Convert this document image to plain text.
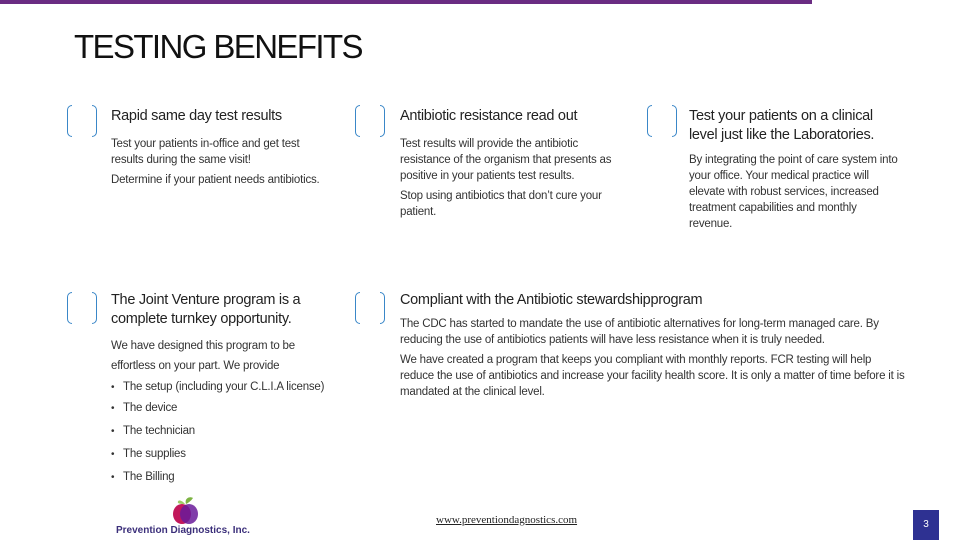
TESTING BENEFITS
Rapid same day test results

Test your patients in-office and get test results during the same visit!

Determine if your patient needs antibiotics.

Antibiotic resistance read out

Test results will provide the antibiotic resistance of the organism that presents as positive in your patients test results.

Stop using antibiotics that don’t cure your patient.

Test your patients on a clinical level just like the Laboratories.

By integrating the point of care system into your office. Your medical practice will elevate with robust services, increased treatment capabilities and monthly revenue.

The Joint Venture program is a complete turnkey opportunity.

We have designed this program to be effortless on your part. We provide

• The setup (including your C.L.I.A license)
• The device
• The technician
• The supplies
• The Billing
Compliant with the Antibiotic stewardshipprogram

The CDC has started to mandate the use of antibiotic alternatives for long-term managed care. By reducing the use of antibiotics patients will have less resistance when it is truly needed.

We have created a program that keeps you compliant with monthly reports. FCR testing will help reduce the use of antibiotics and increase your facility health score. It is only a matter of time before it is mandated at the clinical level.

Prevention Diagnostics, Inc.
www.preventiondagnostics.com	3
